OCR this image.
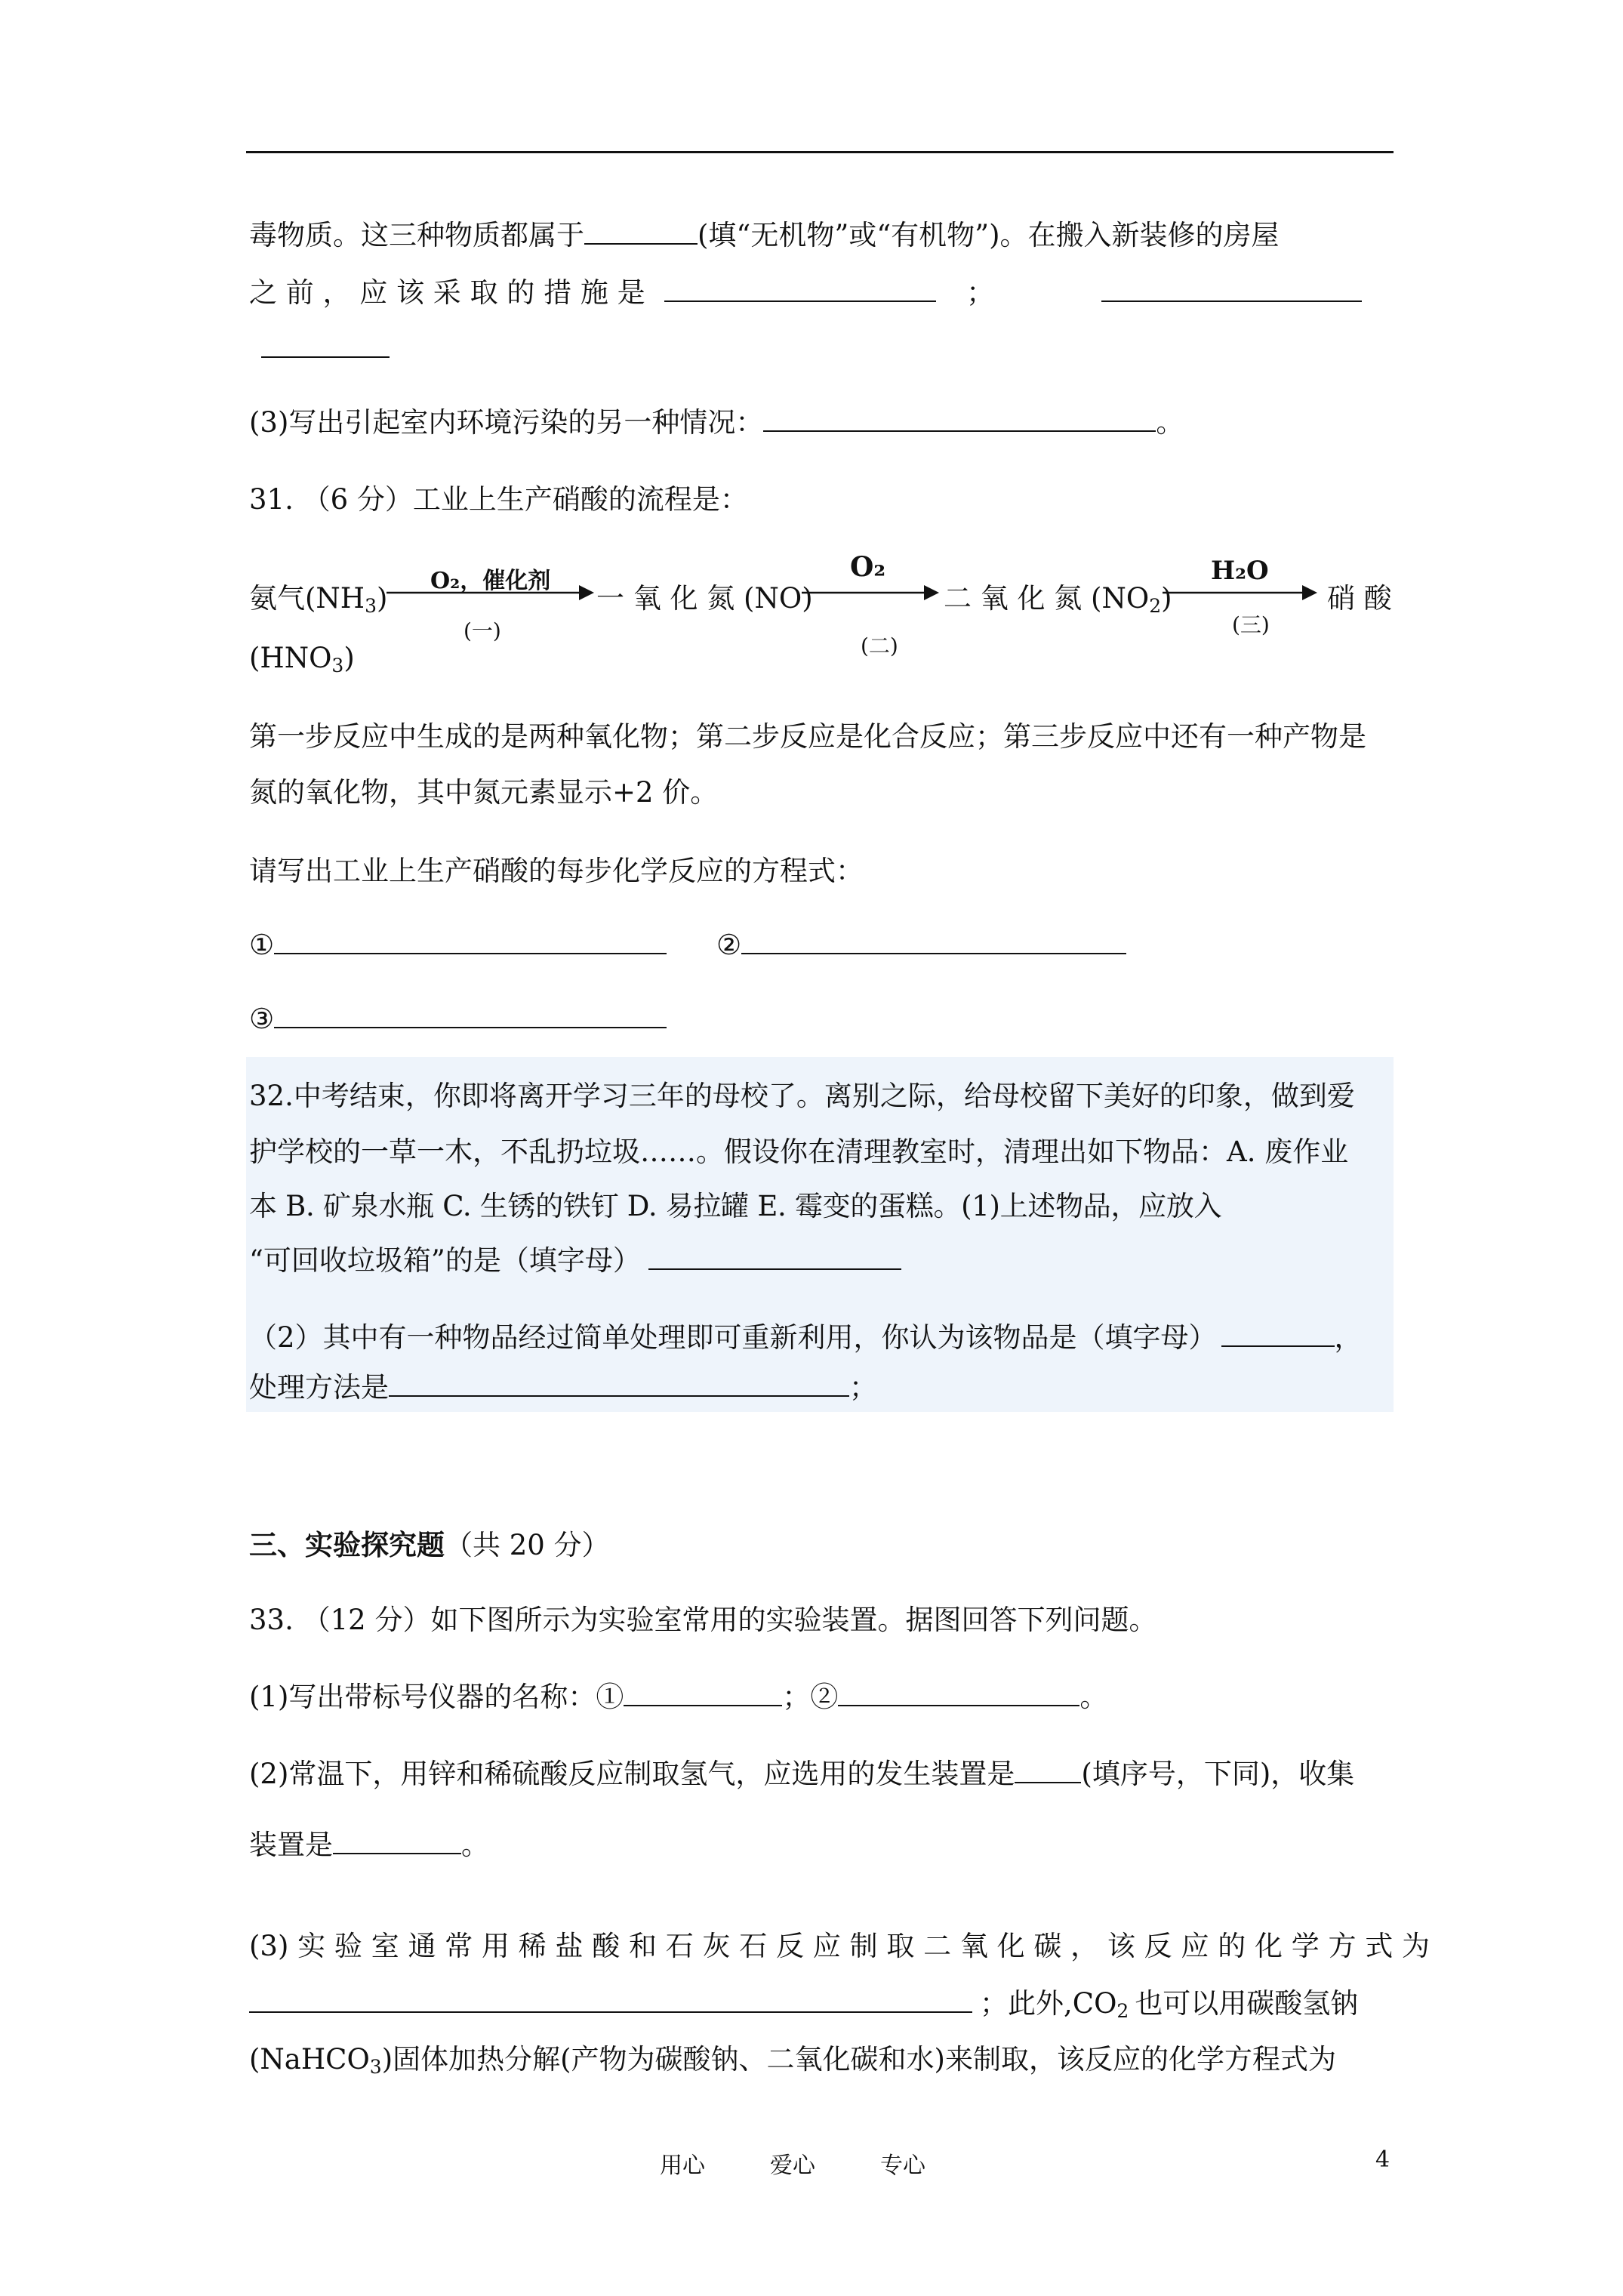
毒物质。这三种物质都属于	(填“无机物”或“有机物”)。在搬入新装修的房屋
之 前 ， 应 该 采 取 的 措 施 是	；
(3)写出引起室内环境污染的另一种情况：	。
31. （6 分）工业上生产硝酸的流程是：
氨气$(NH_3)$
O₂，催化剂
(一)
一 氧 化 氮 (NO)
O₂
(二)
二 氧 化 氮 $(NO_2)$
H₂O
(三)
硝 酸
$(HNO_3)$
第一步反应中生成的是两种氧化物；第二步反应是化合反应；第三步反应中还有一种产物是
氮的氧化物，其中氮元素显示+2 价。
请写出工业上生产硝酸的每步化学反应的方程式：
①	②
③
32.中考结束，你即将离开学习三年的母校了。离别之际，给母校留下美好的印象，做到爱
护学校的一草一木，不乱扔垃圾……。假设你在清理教室时，清理出如下物品：A. 废作业
本 B. 矿泉水瓶 C. 生锈的铁钉 D. 易拉罐 E. 霉变的蛋糕。(1)上述物品，应放入
“可回收垃圾箱”的是（填字母）
（2）其中有一种物品经过简单处理即可重新利用，你认为该物品是（填字母）	，
处理方法是	；
三、实验探究题（共 20 分）
33. （12 分）如下图所示为实验室常用的实验装置。据图回答下列问题。
(1)写出带标号仪器的名称：①	；②	。
(2)常温下，用锌和稀硫酸反应制取氢气，应选用的发生装置是 (填序号，下同)，收集
装置是	。
(3) 实 验 室 通 常 用 稀 盐 酸 和 石 灰 石 反 应 制 取 二 氧 化 碳 ， 该 反 应 的 化 学 方 式 为
；此外$,CO_2$ 也可以用碳酸氢钠
(NaHCO$_3$)固体加热分解(产物为碳酸钠、二氧化碳和水)来制取，该反应的化学方程式为
用心	爱心	专心	4
